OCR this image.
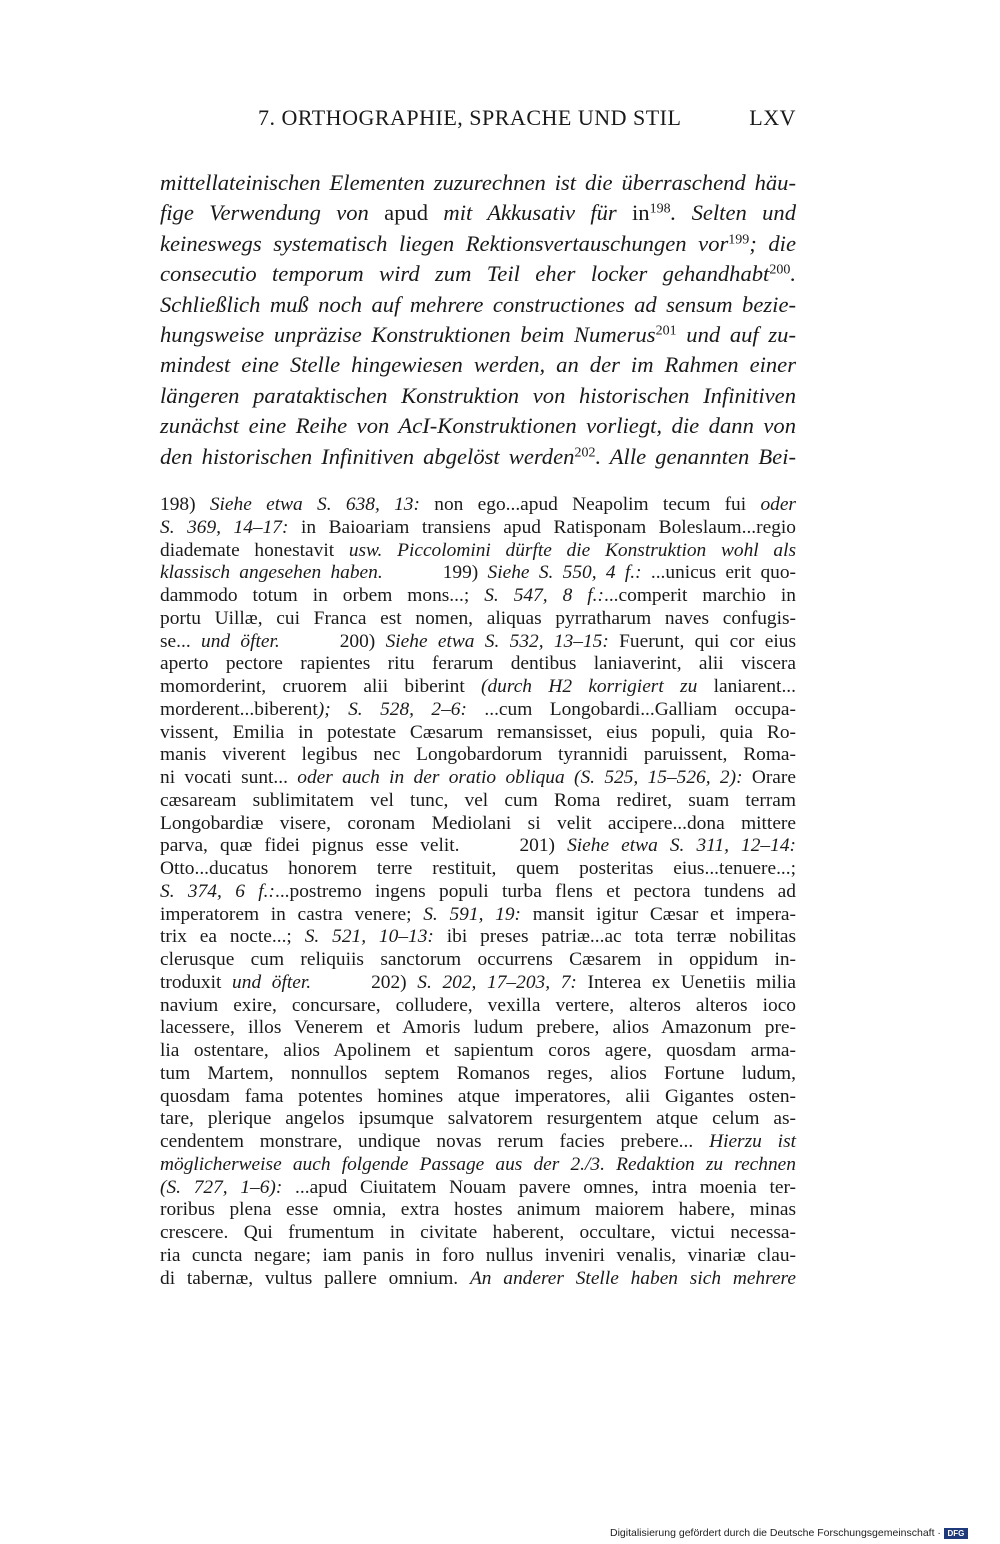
7. ORTHOGRAPHIE, SPRACHE UND STIL	LXV
mittellateinischen Elementen zuzurechnen ist die überraschend häu-
fige Verwendung von apud mit Akkusativ für $in^{198}$. Selten und
keineswegs systematisch liegen Rektionsvertauschungen vor$^{199}$; die
consecutio temporum wird zum Teil eher locker gehandhabt$^{200}$.
Schließlich muß noch auf mehrere constructiones ad sensum bezie-
hungsweise unpräzise Konstruktionen beim Numerus$^{201}$ und auf zu-
mindest eine Stelle hingewiesen werden, an der im Rahmen einer
längeren parataktischen Konstruktion von historischen Infinitiven
zunächst eine Reihe von AcI-Konstruktionen vorliegt, die dann von
den historischen Infinitiven abgelöst werden$^{202}$. Alle genannten Bei-
198) Siehe etwa S. 638, 13: non ego...apud Neapolim tecum fui oder
S. 369, 14–17: in Baioariam transiens apud Ratisponam Boleslaum...regio
diademate honestavit usw. Piccolomini dürfte die Konstruktion wohl als
klassisch angesehen haben.	199) Siehe S. 550, 4 f.: ...unicus erit quo-
dammodo totum in orbem mons...; S. 547, 8 f.:...comperit marchio in
portu Uillæ, cui Franca est nomen, aliquas pyrratharum naves confugis-
se... und öfter.	200) Siehe etwa S. 532, 13–15: Fuerunt, qui cor eius
aperto pectore rapientes ritu ferarum dentibus laniaverint, alii viscera
momorderint, cruorem alii biberint (durch H2 korrigiert zu laniarent...
morderent...biberent); S. 528, 2–6: ...cum Longobardi...Galliam occupa-
vissent, Emilia in potestate Cæsarum remansisset, eius populi, quia Ro-
manis viverent legibus nec Longobardorum tyrannidi paruissent, Roma-
ni vocati sunt... oder auch in der oratio obliqua (S. 525, 15–526, 2): Orare
cæsaream sublimitatem vel tunc, vel cum Roma rediret, suam terram
Longobardiæ visere, coronam Mediolani si velit accipere...dona mittere
parva, quæ fidei pignus esse velit.	201) Siehe etwa S. 311, 12–14:
Otto...ducatus honorem terre restituit, quem posteritas eius...tenuere...;
S. 374, 6 f.:...postremo ingens populi turba flens et pectora tundens ad
imperatorem in castra venere; S. 591, 19: mansit igitur Cæsar et impera-
trix ea nocte...; S. 521, 10–13: ibi preses patriæ...ac tota terræ nobilitas
clerusque cum reliquiis sanctorum occurrens Cæsarem in oppidum in-
troduxit und öfter.	202) S. 202, 17–203, 7: Interea ex Uenetiis milia
navium exire, concursare, colludere, vexilla vertere, alteros alteros ioco
lacessere, illos Venerem et Amoris ludum prebere, alios Amazonum pre-
lia ostentare, alios Apolinem et sapientum coros agere, quosdam arma-
tum Martem, nonnullos septem Romanos reges, alios Fortune ludum,
quosdam fama potentes homines atque imperatores, alii Gigantes osten-
tare, plerique angelos ipsumque salvatorem resurgentem atque celum as-
cendentem monstrare, undique novas rerum facies prebere... Hierzu ist
möglicherweise auch folgende Passage aus der 2./3. Redaktion zu rechnen
(S. 727, 1–6): ...apud Ciuitatem Nouam pavere omnes, intra moenia ter-
roribus plena esse omnia, extra hostes animum maiorem habere, minas
crescere. Qui frumentum in civitate haberent, occultare, victui necessa-
ria cuncta negare; iam panis in foro nullus inveniri venalis, vinariæ clau-
di tabernæ, vultus pallere omnium. An anderer Stelle haben sich mehrere
Digitalisierung gefördert durch die Deutsche Forschungsgemeinschaft · DFG
